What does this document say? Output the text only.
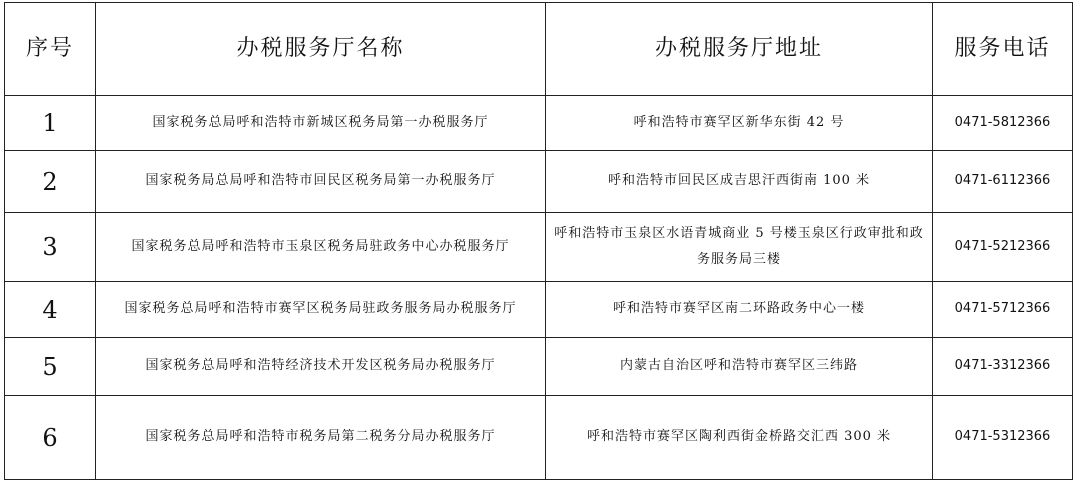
序号	办税服务厅名称	办税服务厅地址	服务电话
1	国家税务总局呼和浩特市新城区税务局第一办税服务厅	呼和浩特市赛罕区新华东街 42 号	0471-5812366
2	国家税务局总局呼和浩特市回民区税务局第一办税服务厅	呼和浩特市回民区成吉思汗西街南 100 米	0471-6112366
3	国家税务总局呼和浩特市玉泉区税务局驻政务中心办税服务厅	呼和浩特市玉泉区水语青城商业 5 号楼玉泉区行政审批和政务服务局三楼	0471-5212366
4	国家税务总局呼和浩特市赛罕区税务局驻政务服务局办税服务厅	呼和浩特市赛罕区南二环路政务中心一楼	0471-5712366
5	国家税务总局呼和浩特经济技术开发区税务局办税服务厅	内蒙古自治区呼和浩特市赛罕区三纬路	0471-3312366
6	国家税务总局呼和浩特市税务局第二税务分局办税服务厅	呼和浩特市赛罕区陶利西街金桥路交汇西 300 米	0471-5312366
